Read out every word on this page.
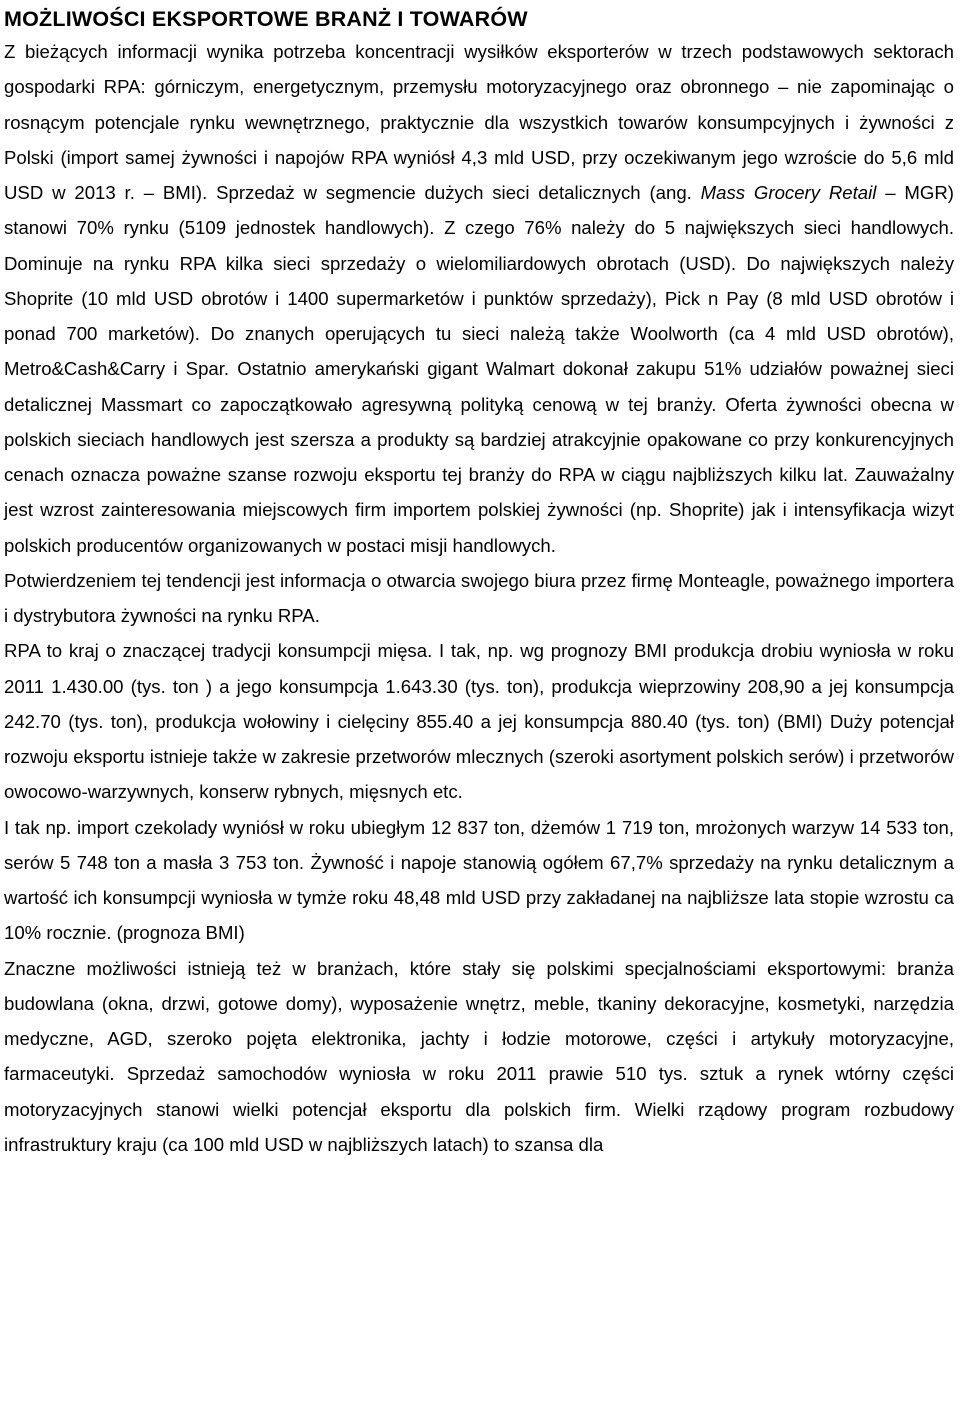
MOŻLIWOŚCI EKSPORTOWE BRANŻ I TOWARÓW

Z bieżących informacji wynika potrzeba koncentracji wysiłków eksporterów w trzech podstawowych sektorach gospodarki RPA: górniczym, energetycznym, przemysłu motoryzacyjnego oraz obronnego – nie zapominając o rosnącym potencjale rynku wewnętrznego, praktycznie dla wszystkich towarów konsumpcyjnych i żywności z Polski (import samej żywności i napojów RPA wyniósł 4,3 mld USD, przy oczekiwanym jego wzroście do 5,6 mld USD w 2013 r. – BMI). Sprzedaż w segmencie dużych sieci detalicznych (ang. Mass Grocery Retail – MGR) stanowi 70% rynku (5109 jednostek handlowych). Z czego 76% należy do 5 największych sieci handlowych. Dominuje na rynku RPA kilka sieci sprzedaży o wielomiliardowych obrotach (USD). Do największych należy Shoprite (10 mld USD obrotów i 1400 supermarketów i punktów sprzedaży), Pick n Pay (8 mld USD obrotów i ponad 700 marketów). Do znanych operujących tu sieci należą także Woolworth (ca 4 mld USD obrotów), Metro&Cash&Carry i Spar. Ostatnio amerykański gigant Walmart dokonał zakupu 51% udziałów poważnej sieci detalicznej Massmart co zapoczątkowało agresywną polityką cenową w tej branży. Oferta żywności obecna w polskich sieciach handlowych jest szersza a produkty są bardziej atrakcyjnie opakowane co przy konkurencyjnych cenach oznacza poważne szanse rozwoju eksportu tej branży do RPA w ciągu najbliższych kilku lat. Zauważalny jest wzrost zainteresowania miejscowych firm importem polskiej żywności (np. Shoprite) jak i intensyfikacja wizyt polskich producentów organizowanych w postaci misji handlowych.

Potwierdzeniem tej tendencji jest informacja o otwarcia swojego biura przez firmę Monteagle, poważnego importera i dystrybutora żywności na rynku RPA.

RPA to kraj o znaczącej tradycji konsumpcji mięsa. I tak, np. wg prognozy BMI produkcja drobiu wyniosła w roku 2011 1.430.00 (tys. ton ) a jego konsumpcja 1.643.30 (tys. ton), produkcja wieprzowiny 208,90 a jej konsumpcja 242.70 (tys. ton), produkcja wołowiny i cielęciny 855.40 a jej konsumpcja 880.40 (tys. ton) (BMI) Duży potencjał rozwoju eksportu istnieje także w zakresie przetworów mlecznych (szeroki asortyment polskich serów) i przetworów owocowo-warzywnych, konserw rybnych, mięsnych etc.

I tak np. import czekolady wyniósł w roku ubiegłym 12 837 ton, dżemów 1 719 ton, mrożonych warzyw 14 533 ton, serów 5 748 ton a masła 3 753 ton. Żywność i napoje stanowią ogółem 67,7% sprzedaży na rynku detalicznym a wartość ich konsumpcji wyniosła w tymże roku 48,48 mld USD przy zakładanej na najbliższe lata stopie wzrostu ca 10% rocznie. (prognoza BMI)

Znaczne możliwości istnieją też w branżach, które stały się polskimi specjalnościami eksportowymi: branża budowlana (okna, drzwi, gotowe domy), wyposażenie wnętrz, meble, tkaniny dekoracyjne, kosmetyki, narzędzia medyczne, AGD, szeroko pojęta elektronika, jachty i łodzie motorowe, części i artykuły motoryzacyjne, farmaceutyki. Sprzedaż samochodów wyniosła w roku 2011 prawie 510 tys. sztuk a rynek wtórny części motoryzacyjnych stanowi wielki potencjał eksportu dla polskich firm. Wielki rządowy program rozbudowy infrastruktury kraju (ca 100 mld USD w najbliższych latach) to szansa dla
